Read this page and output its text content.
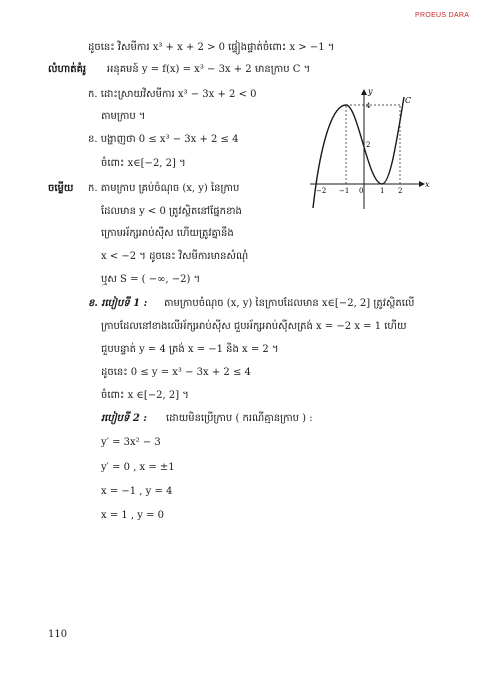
PROEUS DARA
ដូចនេះ វិសមីការ x³ + x + 2 > 0 ផ្ទៀងផ្ទាត់ចំពោះ x > −1 ។
លំហាត់គំរូ អនុគមន៍ y = f(x) = x³ − 3x + 2 មានក្រាប C ។
ក. ដោះស្រាយវិសមីការ x³ − 3x + 2 < 0
តាមក្រាប ។
ខ. បង្ហាញថា 0 ≤ x³ − 3x + 2 ≤ 4
ចំពោះ x∈[−2, 2] ។
ចម្លើយ ក. តាមក្រាប គ្រប់ចំណុច (x, y) នៃក្រាប
ដែលមាន y < 0 ត្រូវស្ថិតនៅផ្នែកខាង
ក្រោមអ័ក្សអាប់ស៊ីស ហើយត្រូវគ្នានឹង
x < −2 ។ ដូចនេះ វិសមីការមានសំណុំ
ឬស S = ( −∞, −2) ។
ខ. របៀបទី 1 : តាមក្រាបចំណុច (x, y) នៃក្រាបដែលមាន x∈[−2, 2] ត្រូវស្ថិតលើ
ក្រាបដែលនៅខាងលើអ័ក្សអាប់ស៊ីស ជួបអ័ក្សអាប់ស៊ីសត្រង់ x = −2 x = 1 ហើយ
ជួបបន្ទាត់ y = 4 ត្រង់ x = −1 និង x = 2 ។
ដូចនេះ 0 ≤ y = x³ − 3x + 2 ≤ 4
ចំពោះ x ∈[−2, 2] ។
របៀបទី 2 : ដោយមិនប្រើក្រាប ( ករណីគ្មានក្រាប ) :
y′ = 3x² − 3
y′ = 0 , x = ±1
x = −1 , y = 4
x = 1 , y = 0
110
y
x
C
−2 −1 0 1 2
2
4
